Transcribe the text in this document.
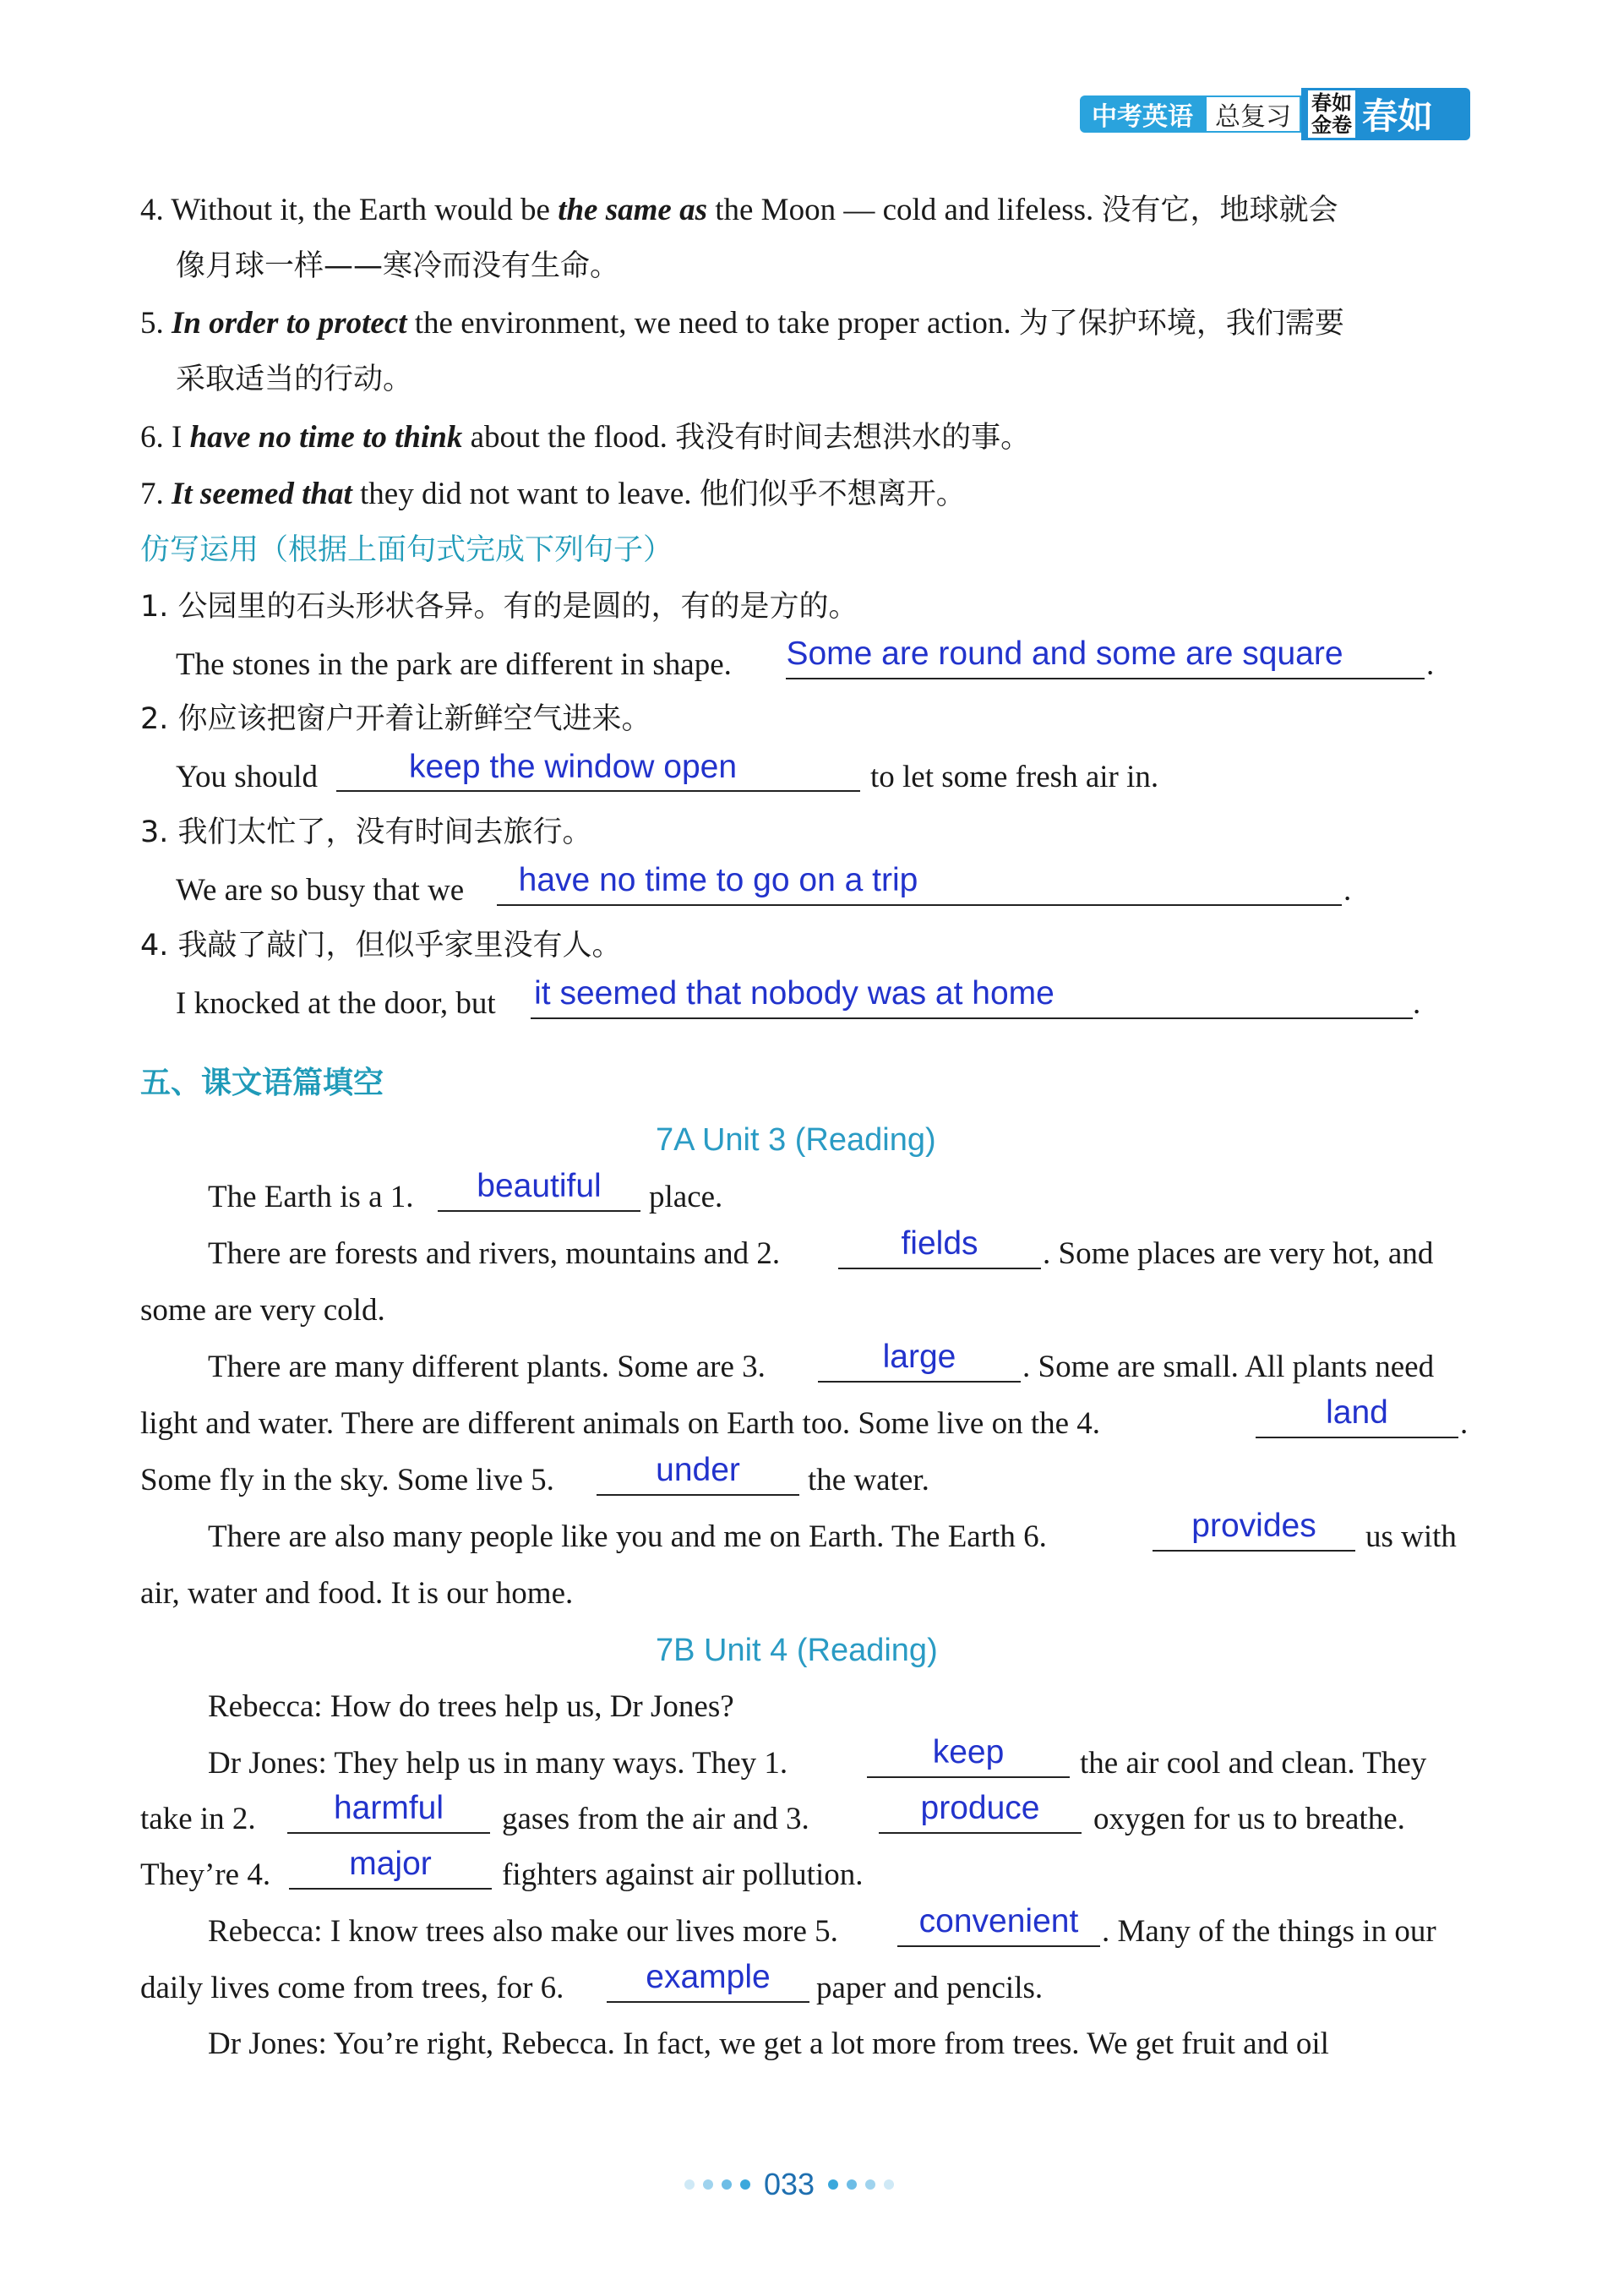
中考英语 总复习	春如
金卷 春如
4. Without it, the Earth would be the same as the Moon — cold and lifeless. 没有它，地球就会
像月球一样——寒冷而没有生命。
5. In order to protect the environment, we need to take proper action. 为了保护环境，我们需要
采取适当的行动。
6. I have no time to think about the flood. 我没有时间去想洪水的事。
7. It seemed that they did not want to leave. 他们似乎不想离开。
仿写运用（根据上面句式完成下列句子）
1. 公园里的石头形状各异。有的是圆的，有的是方的。
The stones in the park are different in shape. Some are round and some are square	.
2. 你应该把窗户开着让新鲜空气进来。
You should	keep the window open	to let some fresh air in.
3. 我们太忙了，没有时间去旅行。
We are so busy that we	have no time to go on a trip	.
4. 我敲了敲门，但似乎家里没有人。
I knocked at the door, but	it seemed that nobody was at home	.
五、课文语篇填空
7A Unit 3 (Reading)
The Earth is a 1.	beautiful	place.
There are forests and rivers, mountains and 2.	fields	. Some places are very hot, and
some are very cold.
There are many different plants. Some are 3.	large	. Some are small. All plants need
light and water. There are different animals on Earth too. Some live on the 4.	land	.
Some fly in the sky. Some live 5.	under	the water.
There are also many people like you and me on Earth. The Earth 6.	provides	us with
air, water and food. It is our home.
7B Unit 4 (Reading)
Rebecca: How do trees help us, Dr Jones?
Dr Jones: They help us in many ways. They 1.	keep	the air cool and clean. They
take in 2.	harmful	gases from the air and 3.	produce	oxygen for us to breathe.
They’re 4.	major	fighters against air pollution.
Rebecca: I know trees also make our lives more 5.	convenient . Many of the things in our
daily lives come from trees, for 6.	example	paper and pencils.
Dr Jones: You’re right, Rebecca. In fact, we get a lot more from trees. We get fruit and oil
033
